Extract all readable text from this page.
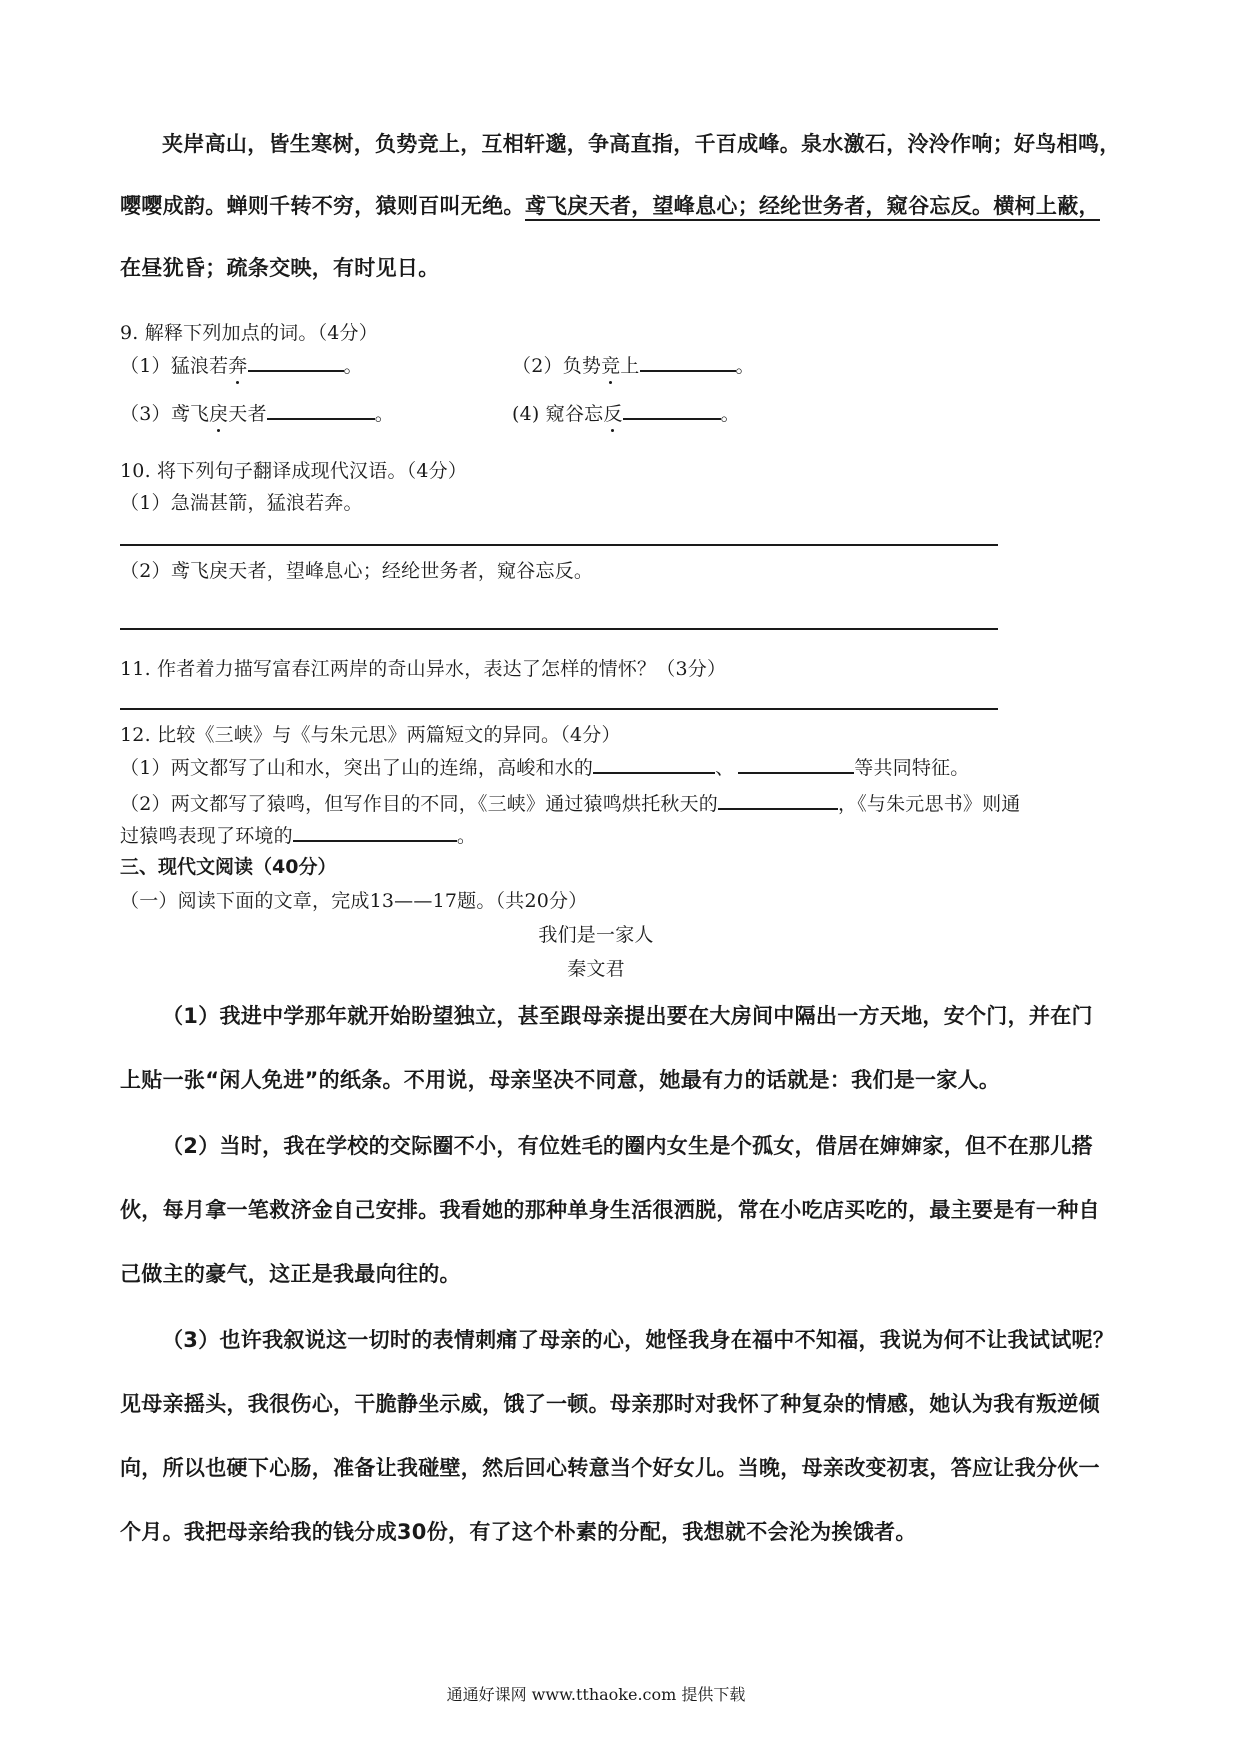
夹岸高山，皆生寒树，负势竞上，互相轩邈，争高直指，千百成峰。泉水激石，泠泠作响；好鸟相鸣，
嘤嘤成韵。蝉则千转不穷，猿则百叫无绝。鸢飞戾天者，望峰息心；经纶世务者，窥谷忘反。横柯上蔽，
在昼犹昏；疏条交映，有时见日。
9. 解释下列加点的词。（4分）
（1）猛浪若奔	。	（2）负势竞上	。
（3）鸢飞戾天者	。	(4) 窥谷忘反	。
10. 将下列句子翻译成现代汉语。（4分）
（1）急湍甚箭，猛浪若奔。
（2）鸢飞戾天者，望峰息心；经纶世务者，窥谷忘反。
11. 作者着力描写富春江两岸的奇山异水，表达了怎样的情怀？（3分）
12. 比较《三峡》与《与朱元思》两篇短文的异同。（4分）
（1）两文都写了山和水，突出了山的连绵，高峻和水的	、	等共同特征。
（2）两文都写了猿鸣，但写作目的不同，《三峡》通过猿鸣烘托秋天的	，《与朱元思书》则通
过猿鸣表现了环境的	。
三、现代文阅读（40分）
（一）阅读下面的文章，完成13——17题。（共20分）
我们是一家人
秦文君
（1）我进中学那年就开始盼望独立，甚至跟母亲提出要在大房间中隔出一方天地，安个门，并在门
上贴一张“闲人免进”的纸条。不用说，母亲坚决不同意，她最有力的话就是：我们是一家人。
（2）当时，我在学校的交际圈不小，有位姓毛的圈内女生是个孤女，借居在婶婶家，但不在那儿搭
伙，每月拿一笔救济金自己安排。我看她的那种单身生活很洒脱，常在小吃店买吃的，最主要是有一种自
己做主的豪气，这正是我最向往的。
（3）也许我叙说这一切时的表情刺痛了母亲的心，她怪我身在福中不知福，我说为何不让我试试呢？
见母亲摇头，我很伤心，干脆静坐示威，饿了一顿。母亲那时对我怀了种复杂的情感，她认为我有叛逆倾
向，所以也硬下心肠，准备让我碰壁，然后回心转意当个好女儿。当晚，母亲改变初衷，答应让我分伙一
个月。我把母亲给我的钱分成30份，有了这个朴素的分配，我想就不会沦为挨饿者。
通通好课网 www.tthaoke.com 提供下载
